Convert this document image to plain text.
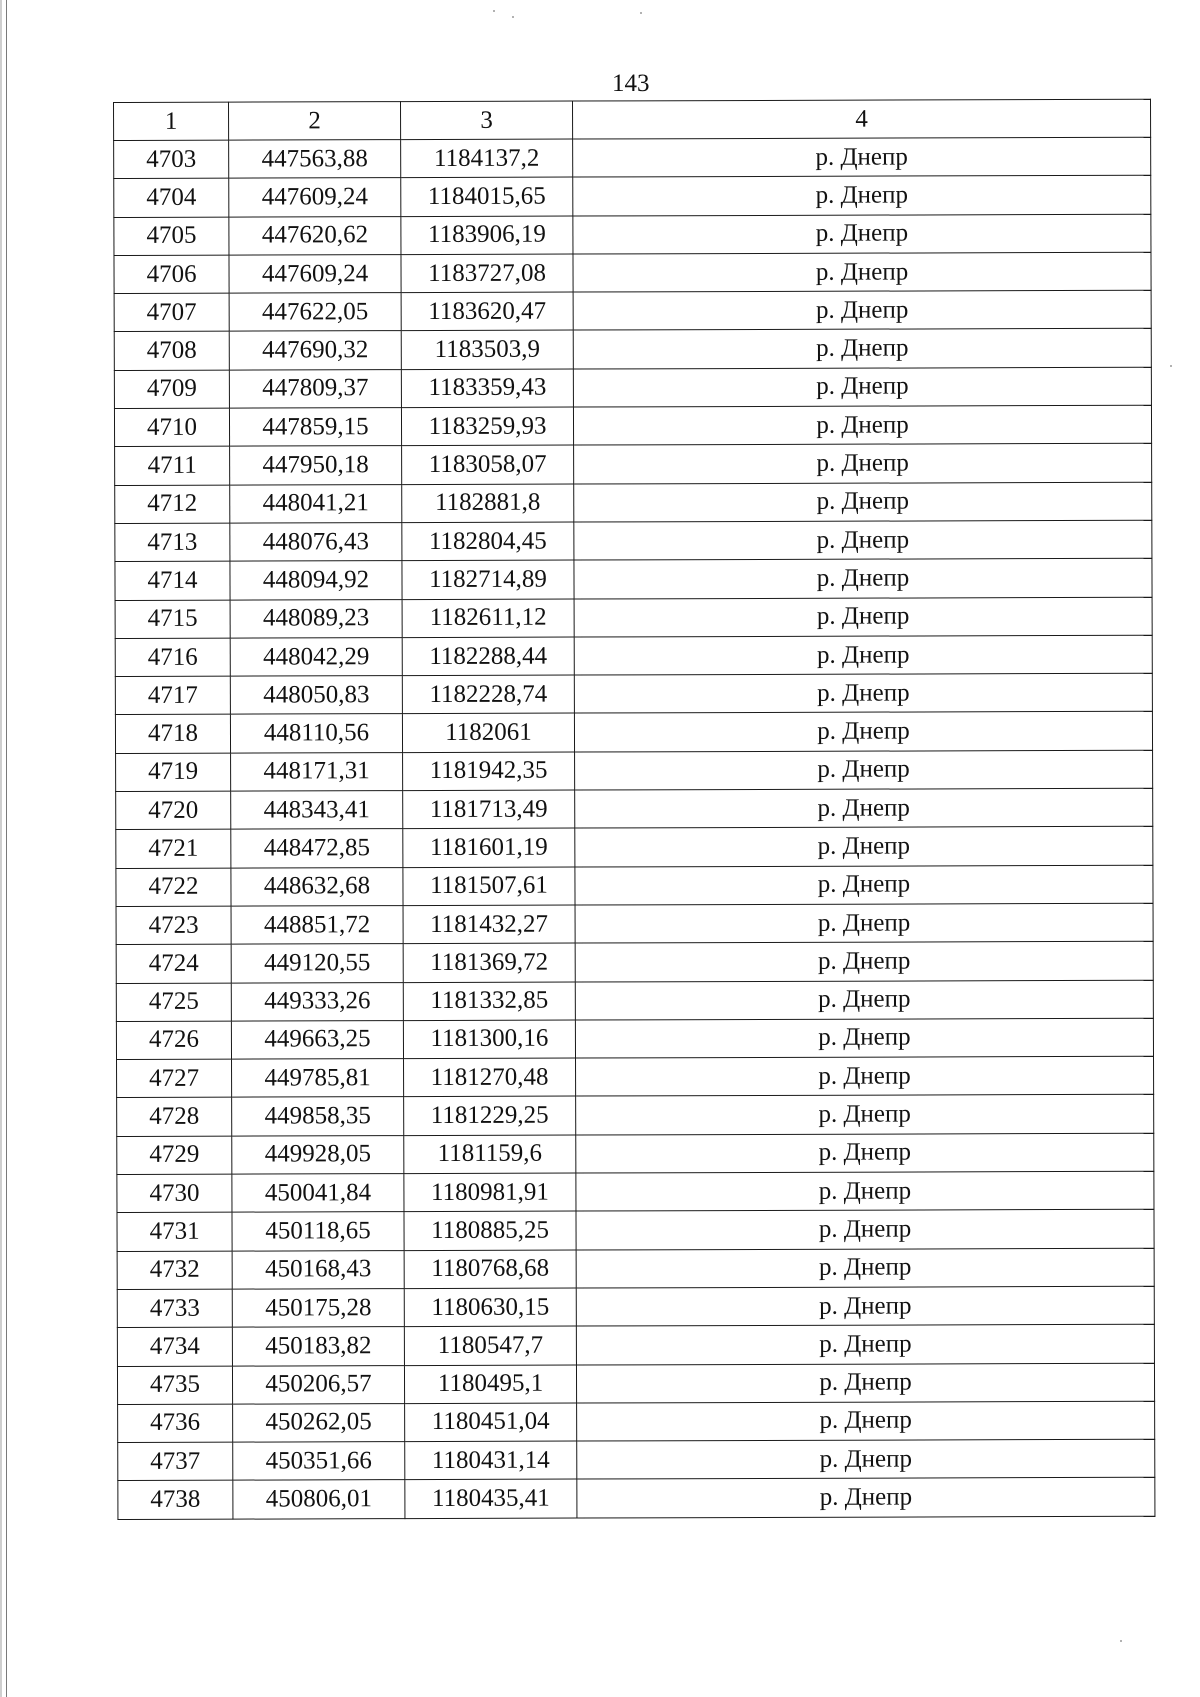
143
1	2	3	4
4703	447563,88	1184137,2	р. Днепр
4704	447609,24	1184015,65	р. Днепр
4705	447620,62	1183906,19	р. Днепр
4706	447609,24	1183727,08	р. Днепр
4707	447622,05	1183620,47	р. Днепр
4708	447690,32	1183503,9	р. Днепр
4709	447809,37	1183359,43	р. Днепр
4710	447859,15	1183259,93	р. Днепр
4711	447950,18	1183058,07	р. Днепр
4712	448041,21	1182881,8	р. Днепр
4713	448076,43	1182804,45	р. Днепр
4714	448094,92	1182714,89	р. Днепр
4715	448089,23	1182611,12	р. Днепр
4716	448042,29	1182288,44	р. Днепр
4717	448050,83	1182228,74	р. Днепр
4718	448110,56	1182061	р. Днепр
4719	448171,31	1181942,35	р. Днепр
4720	448343,41	1181713,49	р. Днепр
4721	448472,85	1181601,19	р. Днепр
4722	448632,68	1181507,61	р. Днепр
4723	448851,72	1181432,27	р. Днепр
4724	449120,55	1181369,72	р. Днепр
4725	449333,26	1181332,85	р. Днепр
4726	449663,25	1181300,16	р. Днепр
4727	449785,81	1181270,48	р. Днепр
4728	449858,35	1181229,25	р. Днепр
4729	449928,05	1181159,6	р. Днепр
4730	450041,84	1180981,91	р. Днепр
4731	450118,65	1180885,25	р. Днепр
4732	450168,43	1180768,68	р. Днепр
4733	450175,28	1180630,15	р. Днепр
4734	450183,82	1180547,7	р. Днепр
4735	450206,57	1180495,1	р. Днепр
4736	450262,05	1180451,04	р. Днепр
4737	450351,66	1180431,14	р. Днепр
4738	450806,01	1180435,41	р. Днепр
